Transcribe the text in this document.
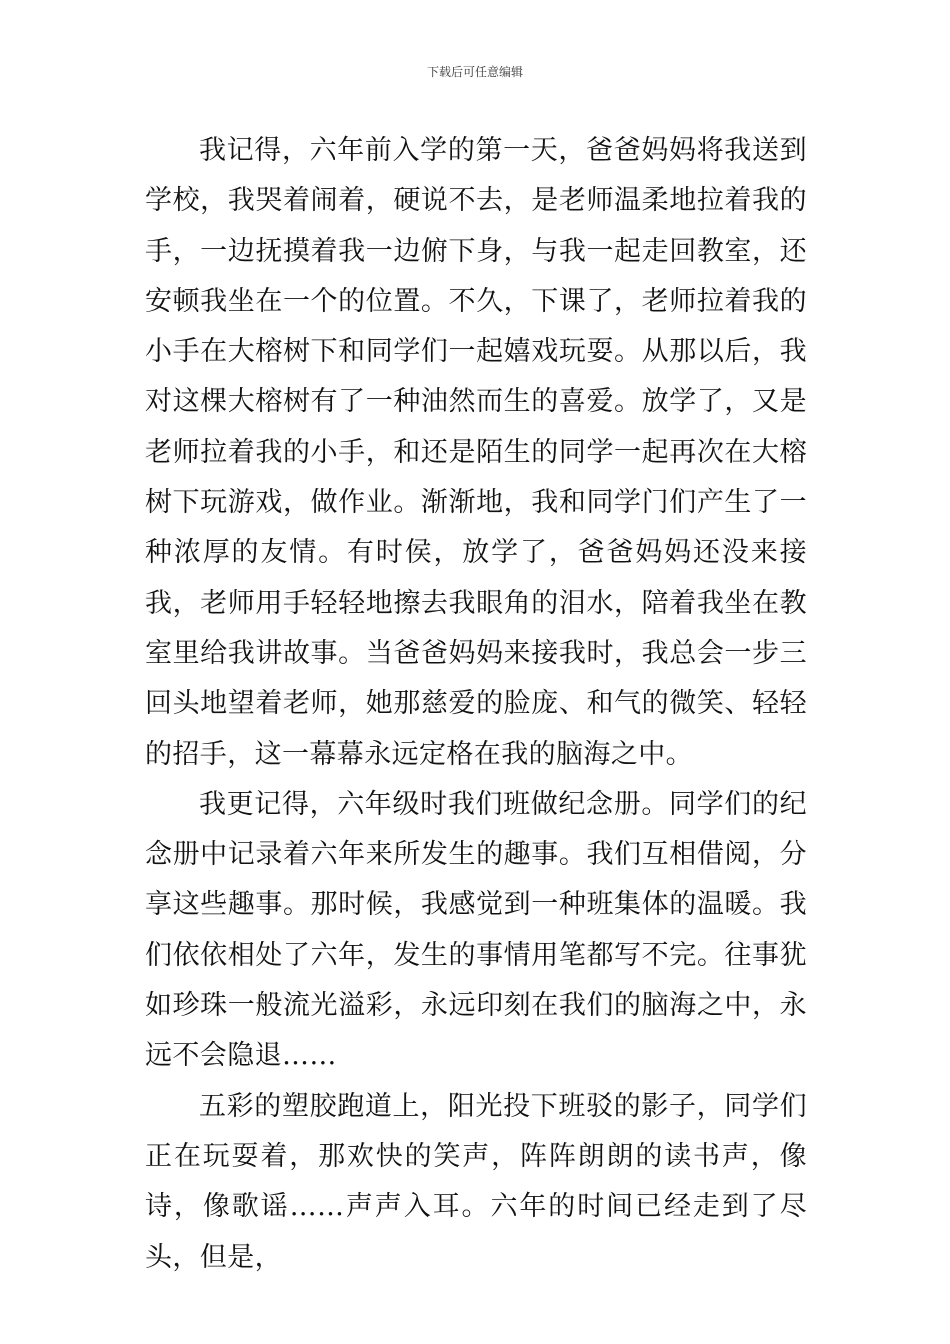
下载后可任意编辑

我记得，六年前入学的第一天，爸爸妈妈将我送到学校，我哭着闹着，硬说不去，是老师温柔地拉着我的手，一边抚摸着我一边俯下身，与我一起走回教室，还安顿我坐在一个的位置。不久，下课了，老师拉着我的小手在大榕树下和同学们一起嬉戏玩耍。从那以后，我对这棵大榕树有了一种油然而生的喜爱。放学了，又是老师拉着我的小手，和还是陌生的同学一起再次在大榕树下玩游戏，做作业。渐渐地，我和同学门们产生了一种浓厚的友情。有时侯，放学了，爸爸妈妈还没来接我，老师用手轻轻地擦去我眼角的泪水，陪着我坐在教室里给我讲故事。当爸爸妈妈来接我时，我总会一步三回头地望着老师，她那慈爱的脸庞、和气的微笑、轻轻的招手，这一幕幕永远定格在我的脑海之中。

我更记得，六年级时我们班做纪念册。同学们的纪念册中记录着六年来所发生的趣事。我们互相借阅，分享这些趣事。那时候，我感觉到一种班集体的温暖。我们依依相处了六年，发生的事情用笔都写不完。往事犹如珍珠一般流光溢彩，永远印刻在我们的脑海之中，永远不会隐退……

五彩的塑胶跑道上，阳光投下班驳的影子，同学们正在玩耍着，那欢快的笑声，阵阵朗朗的读书声，像诗，像歌谣……声声入耳。六年的时间已经走到了尽头，但是，
